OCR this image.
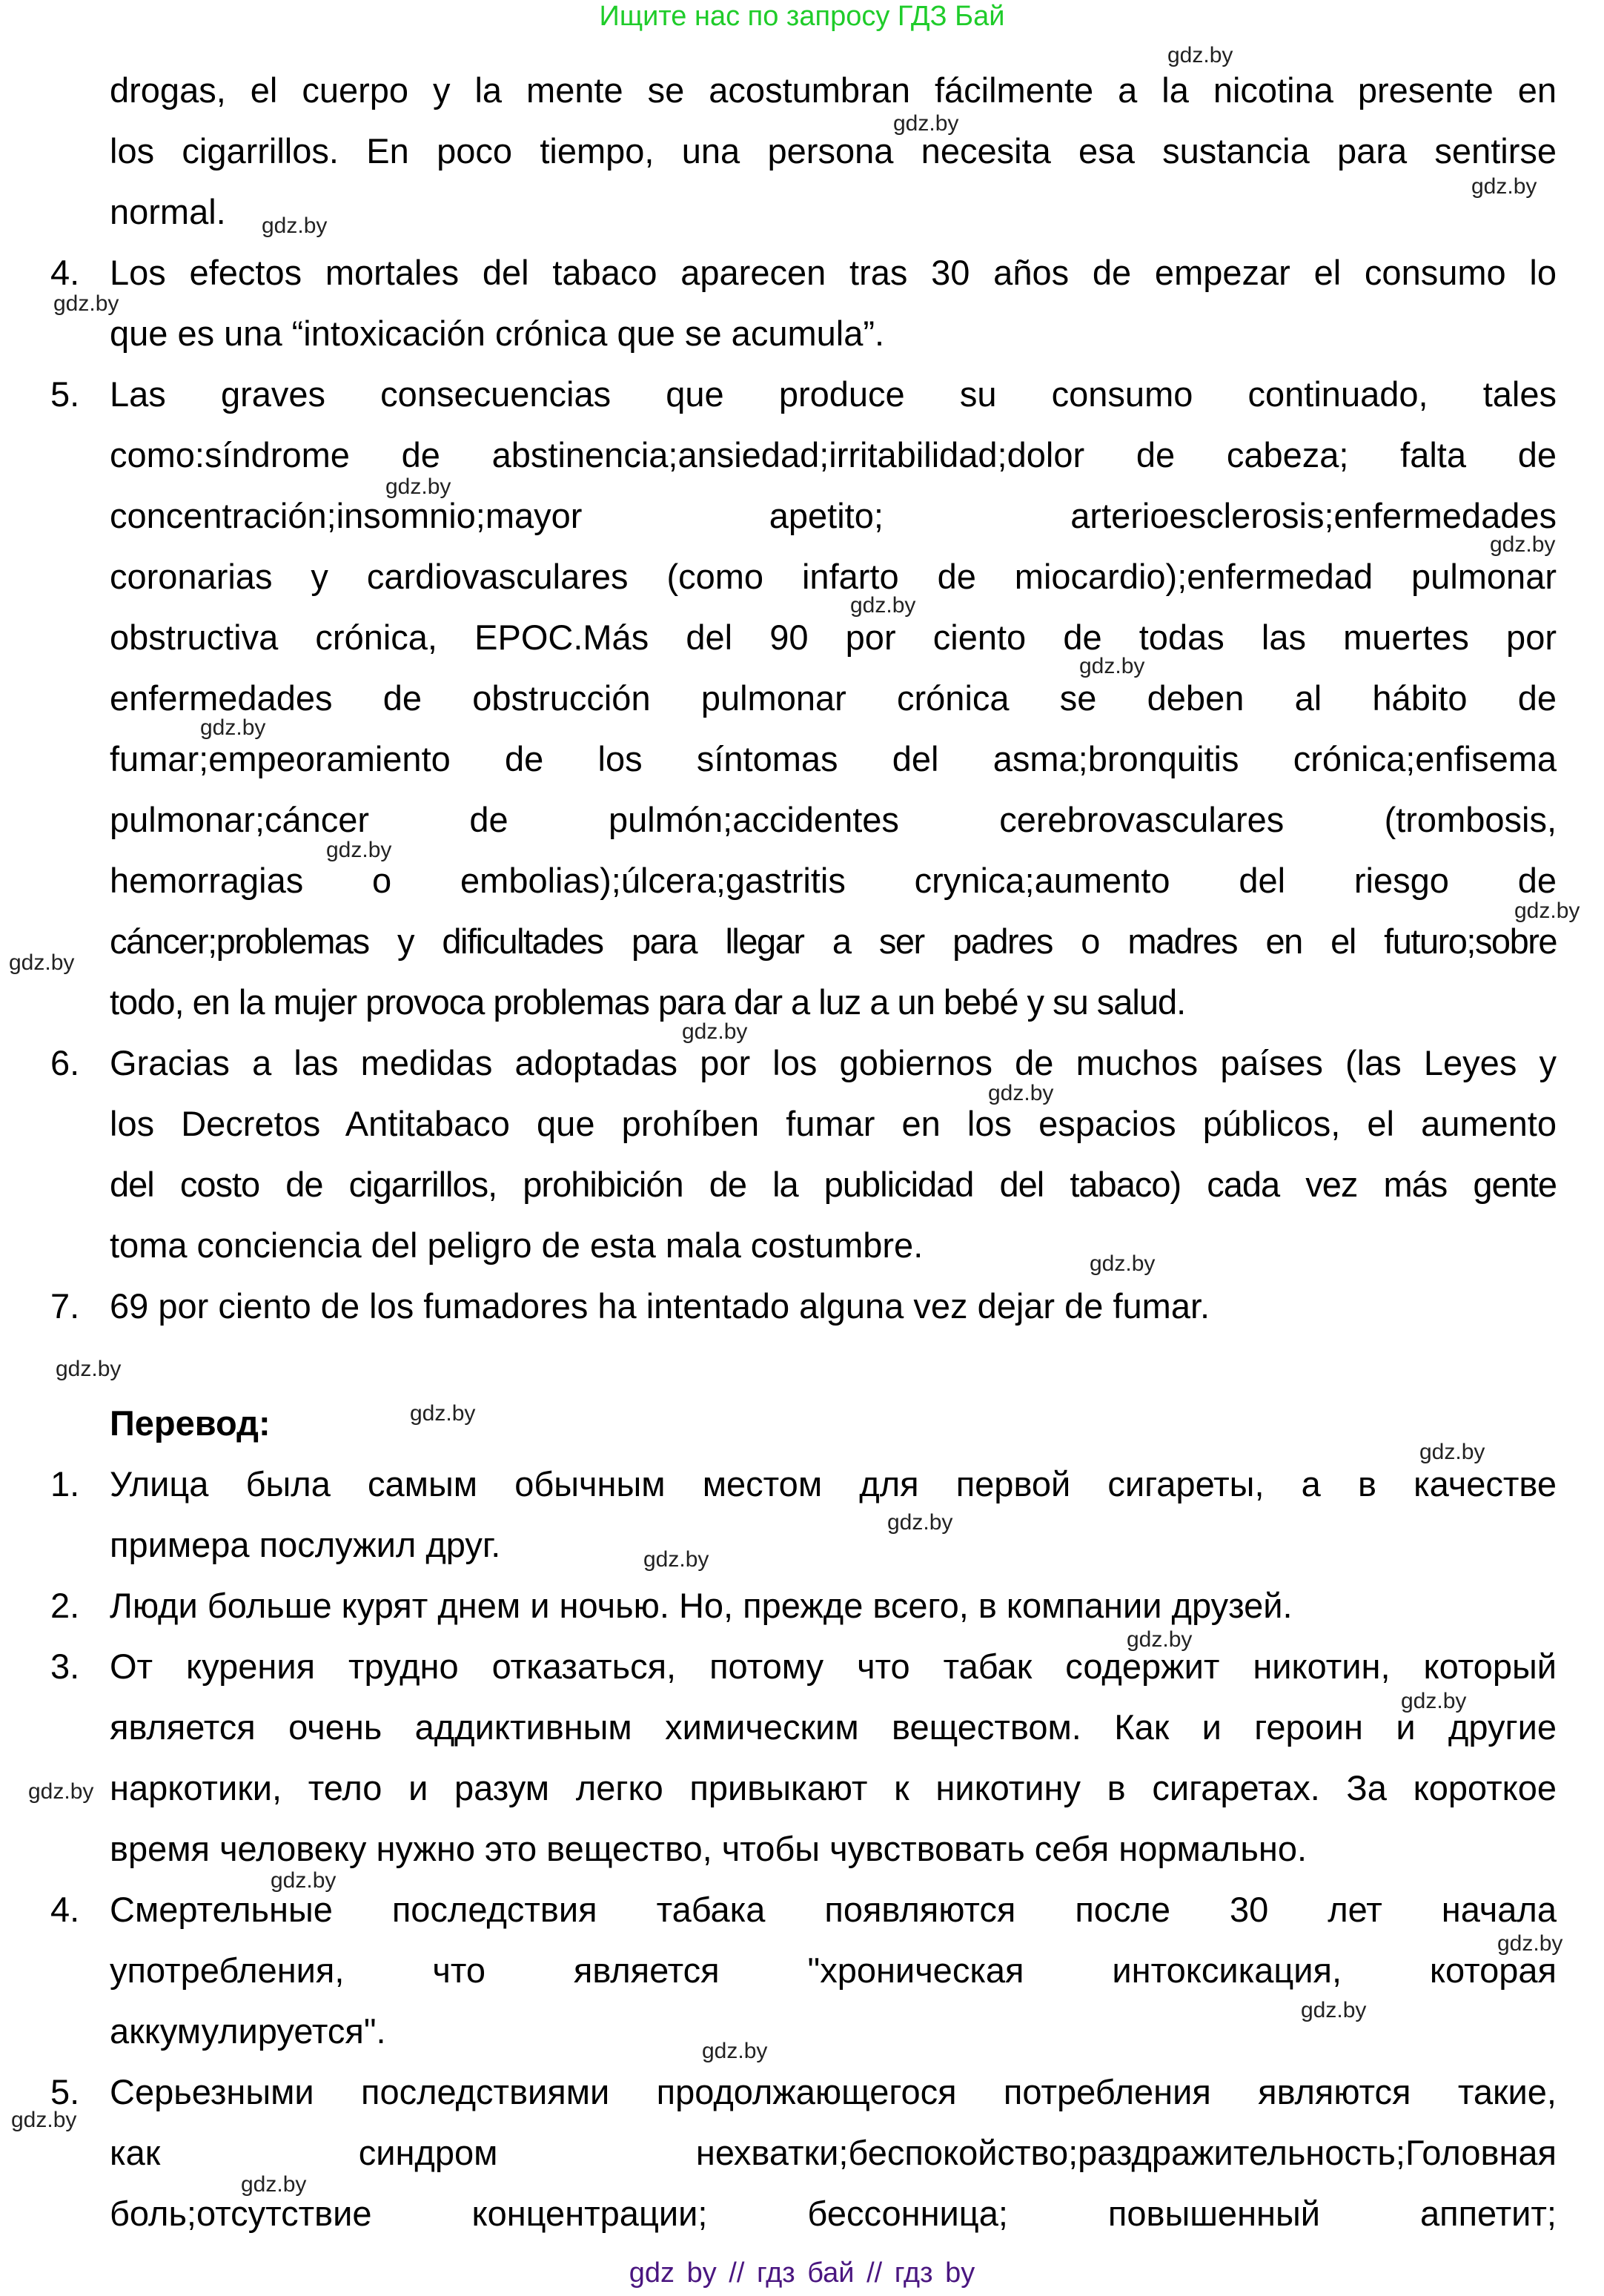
Ищите нас по запросу ГДЗ Бай
drogas, el cuerpo y la mente se acostumbran fácilmente a la nicotina presente en
los cigarrillos. En poco tiempo, una persona necesita esa sustancia para sentirse
normal.
4. Los efectos mortales del tabaco aparecen tras 30 años de empezar el consumo lo
que es una “intoxicación crónica que se acumula”.
5. Las graves consecuencias que produce su consumo continuado, tales
como:síndrome de abstinencia;ansiedad;irritabilidad;dolor de cabeza; falta de
concentración;insomnio;mayor apetito; arterioesclerosis;enfermedades
coronarias y cardiovasculares (como infarto de miocardio);enfermedad pulmonar
obstructiva crónica, EPOC.Más del 90 por ciento de todas las muertes por
enfermedades de obstrucción pulmonar crónica se deben al hábito de
fumar;empeoramiento de los síntomas del asma;bronquitis crónica;enfisema
pulmonar;cáncer de pulmón;accidentes cerebrovasculares (trombosis,
hemorragias o embolias);úlcera;gastritis crynica;aumento del riesgo de
cáncer;problemas y dificultades para llegar a ser padres o madres en el futuro;sobre
todo, en la mujer provoca problemas para dar a luz a un bebé y su salud.
6. Gracias a las medidas adoptadas por los gobiernos de muchos países (las Leyes y
los Decretos Antitabaco que prohíben fumar en los espacios públicos, el aumento
del costo de cigarrillos, prohibición de la publicidad del tabaco) cada vez más gente
toma conciencia del peligro de esta mala costumbre.
7. 69 por ciento de los fumadores ha intentado alguna vez dejar de fumar.
Перевод:
1. Улица была самым обычным местом для первой сигареты, а в качестве
примера послужил друг.
2. Люди больше курят днем и ночью. Но, прежде всего, в компании друзей.
3. От курения трудно отказаться, потому что табак содержит никотин, который
является очень аддиктивным химическим веществом. Как и героин и другие
наркотики, тело и разум легко привыкают к никотину в сигаретах. За короткое
время человеку нужно это вещество, чтобы чувствовать себя нормально.
4. Смертельные последствия табака появляются после 30 лет начала
употребления, что является "хроническая интоксикация, которая
аккумулируется".
5. Серьезными последствиями продолжающегося потребления являются такие,
как синдром нехватки;беспокойство;раздражительность;Головная
боль;отсутствие концентрации; бессонница; повышенный аппетит;
gdz.by
gdz.by
gdz.by
gdz.by
gdz.by
gdz.by
gdz.by
gdz.by
gdz.by
gdz.by
gdz.by
gdz.by
gdz.by
gdz.by
gdz.by
gdz.by
gdz.by
gdz.by
gdz.by
gdz.by
gdz.by
gdz.by
gdz.by
gdz.by
gdz.by
gdz.by
gdz.by
gdz.by
gdz.by
gdz.by
gdz by // гдз бай // гдз by
